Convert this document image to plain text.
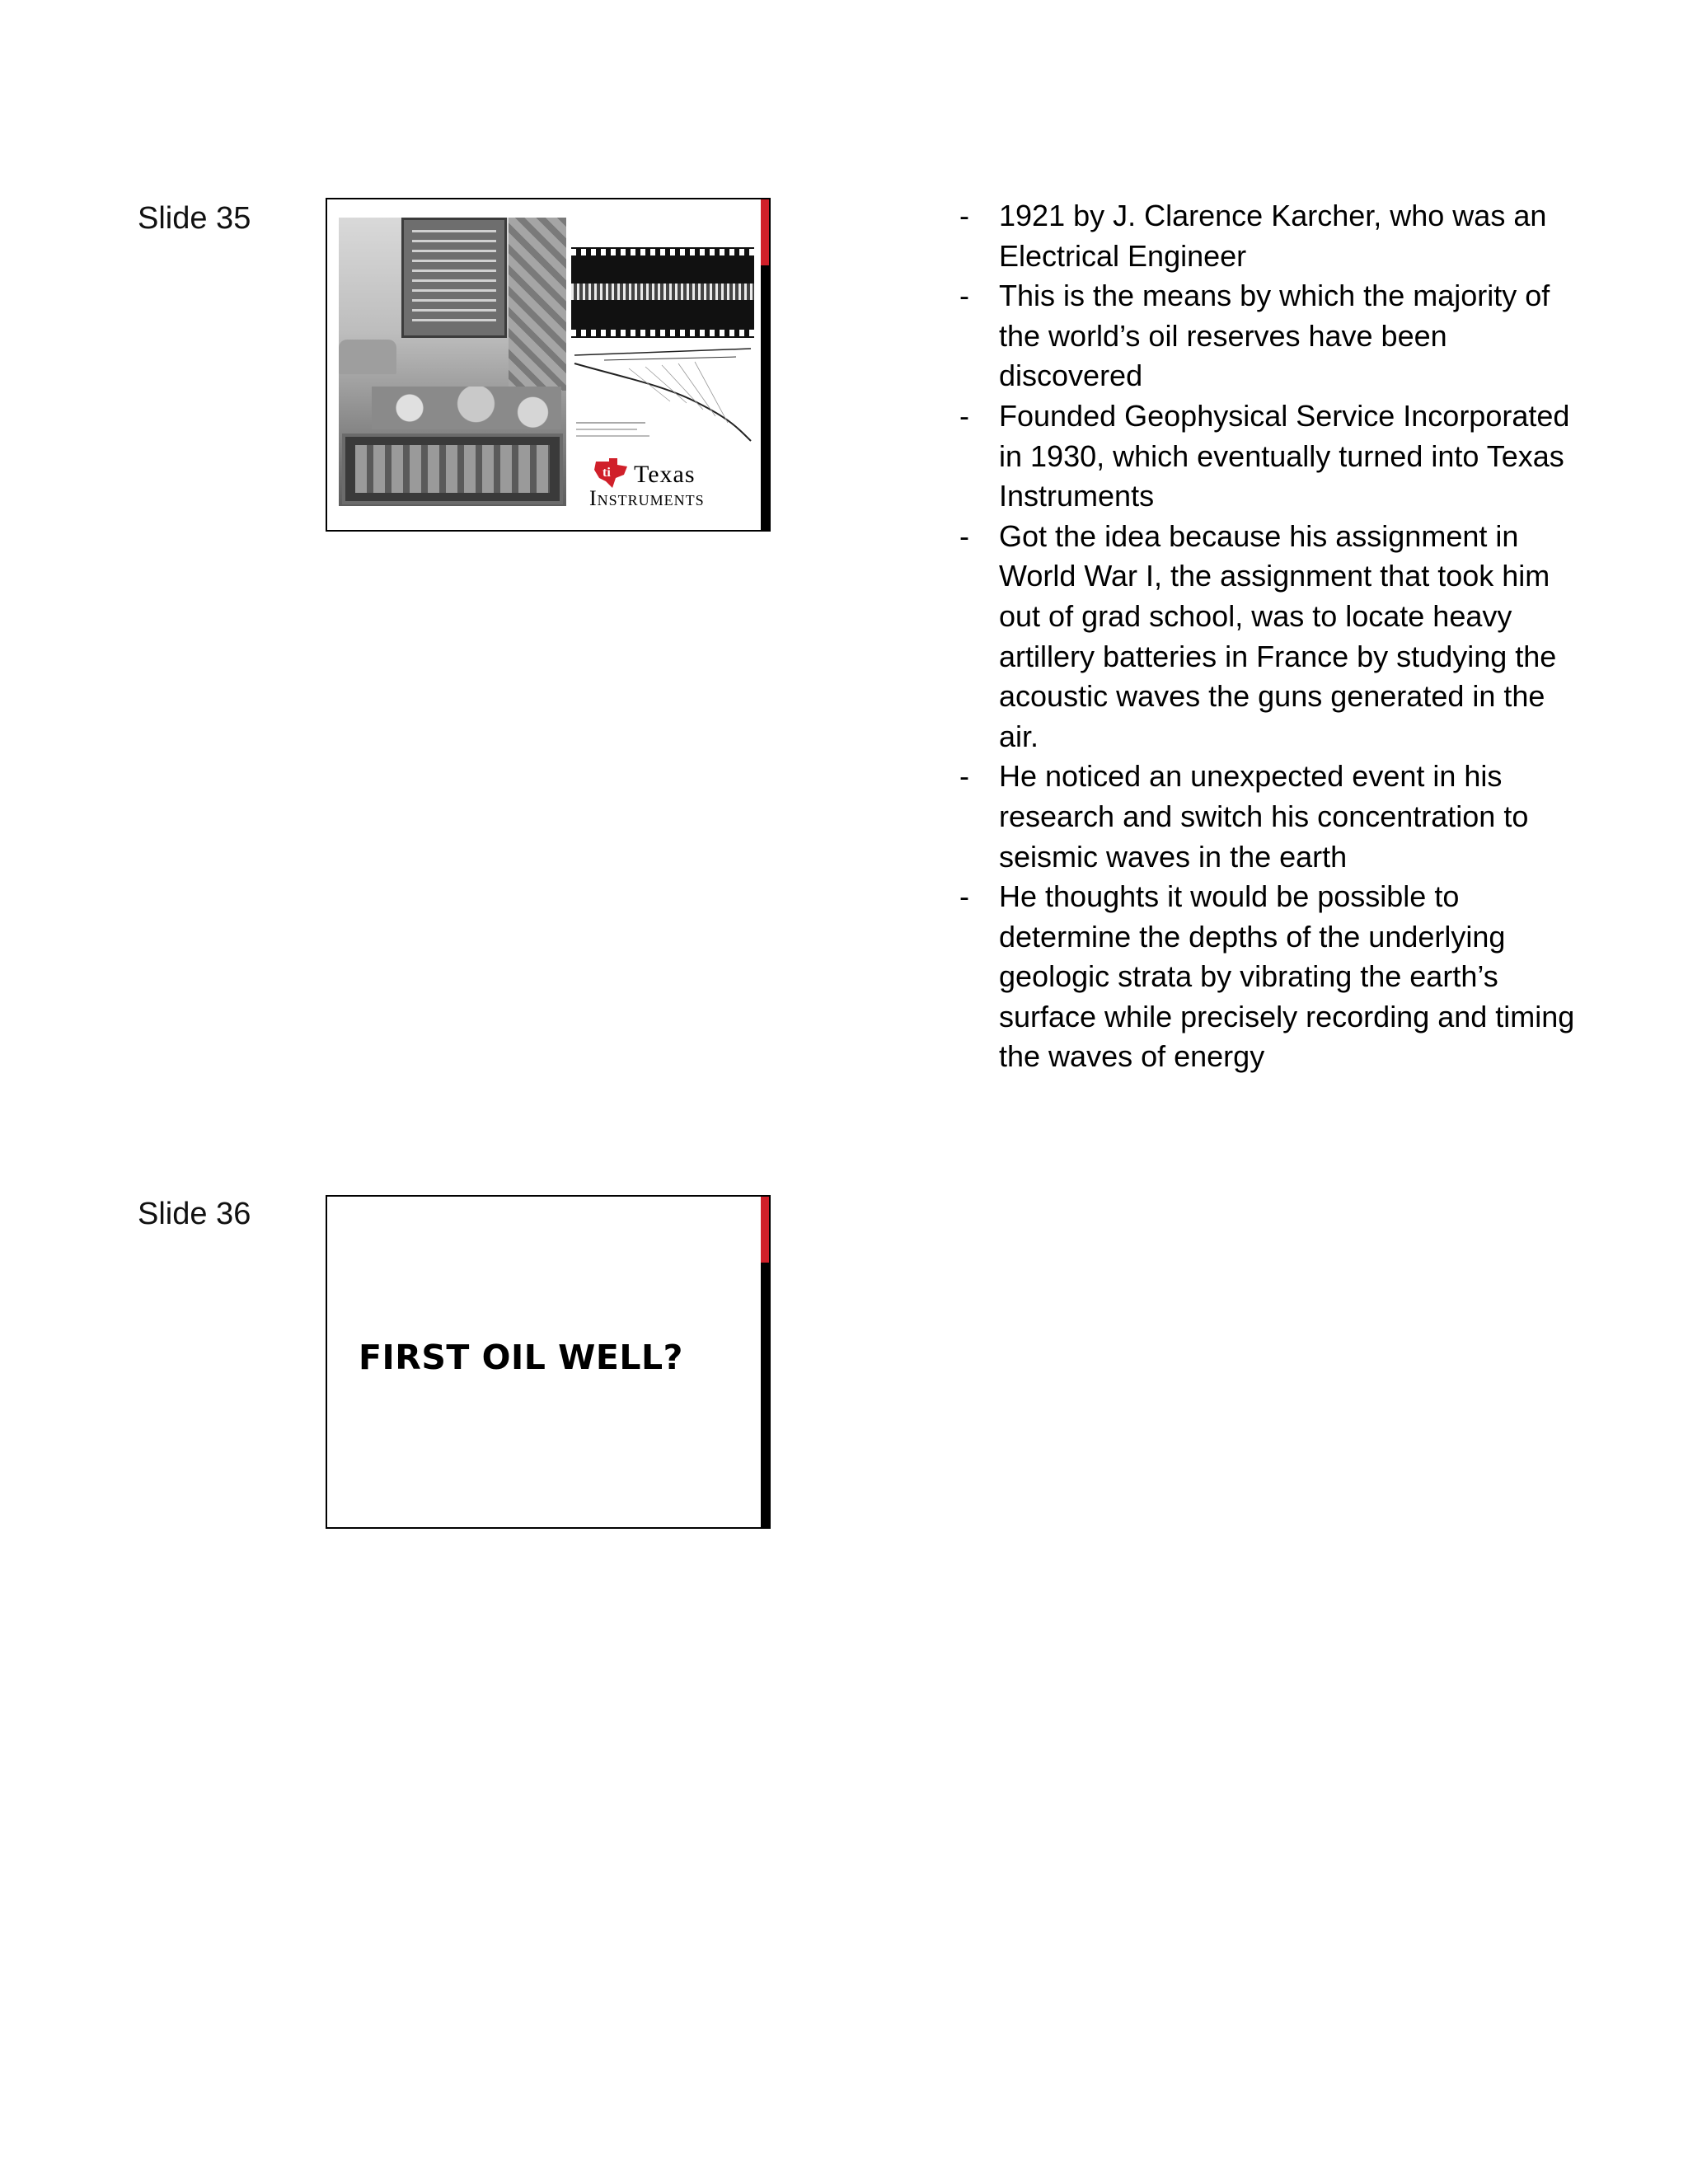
Slide 35
ti Texas
Instruments
- 1921 by J. Clarence Karcher, who was an Electrical Engineer
- This is the means by which the majority of the world’s oil reserves have been discovered
- Founded Geophysical Service Incorporated in 1930, which eventually turned into Texas Instruments
- Got the idea because his assignment in World War I, the assignment that took him out of grad school, was to locate heavy artillery batteries in France by studying the acoustic waves the guns generated in the air.
- He noticed an unexpected event in his research and switch his concentration to seismic waves in the earth
- He thoughts it would be possible to determine the depths of the underlying geologic strata by vibrating the earth’s surface while precisely recording and timing the waves of energy
Slide 36
FIRST OIL WELL?
